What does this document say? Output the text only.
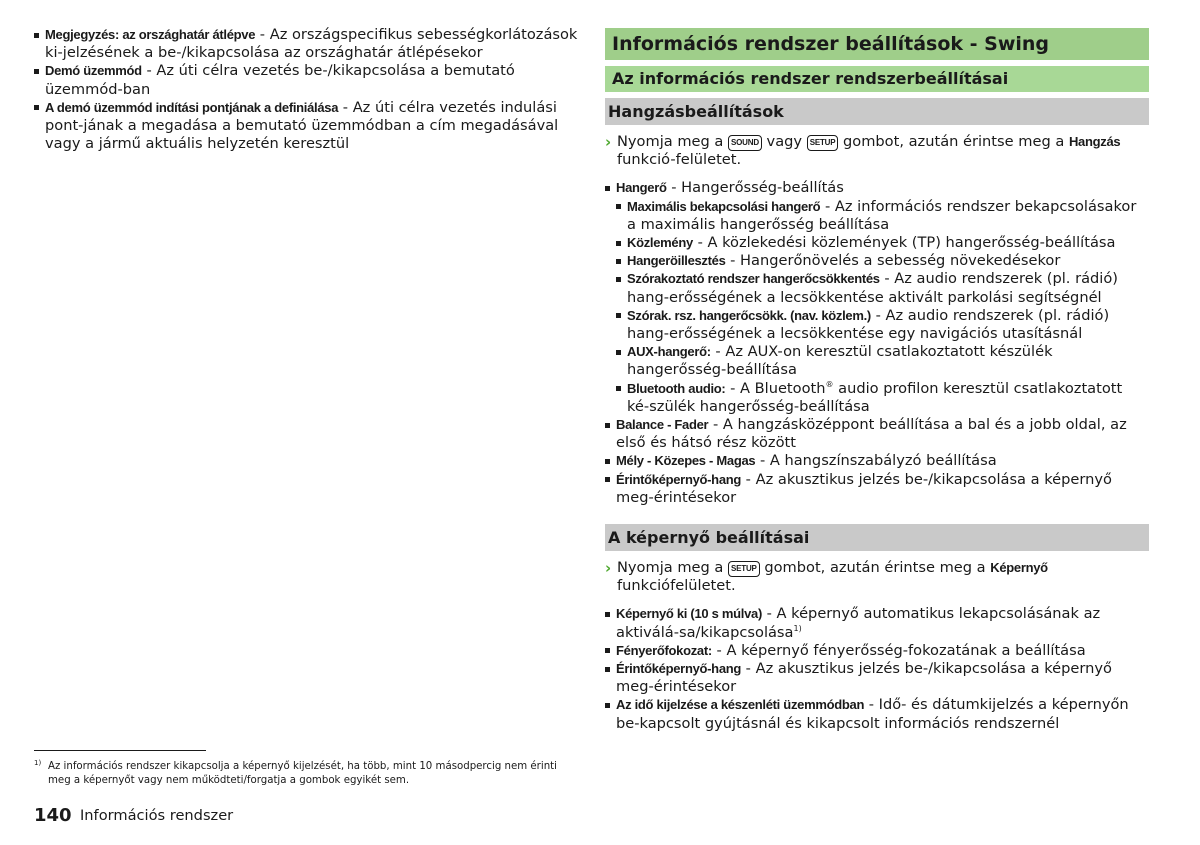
Megjegyzés: az országhatár átlépve - Az országspecifikus sebességkorlátozások ki-jelzésének a be-/kikapcsolása az országhatár átlépésekor

Demó üzemmód - Az úti célra vezetés be-/kikapcsolása a bemutató üzemmód-ban

A demó üzemmód indítási pontjának a definiálása - Az úti célra vezetés indulási pont-jának a megadása a bemutató üzemmódban a cím megadásával vagy a jármű aktuális helyzetén keresztül

Információs rendszer beállítások - Swing
Az információs rendszer rendszerbeállításai
Hangzásbeállítások

› Nyomja meg a SOUND vagy SETUP gombot, azután érintse meg a Hangzás funkció-felületet.

Hangerő - Hangerősség-beállítás

Maximális bekapcsolási hangerő - Az információs rendszer bekapcsolásakor a maximális hangerősség beállítása

Közlemény - A közlekedési közlemények (TP) hangerősség-beállítása

Hangeröillesztés - Hangerőnövelés a sebesség növekedésekor

Szórakoztató rendszer hangerőcsökkentés - Az audio rendszerek (pl. rádió) hang-erősségének a lecsökkentése aktivált parkolási segítségnél

Szórak. rsz. hangerőcsökk. (nav. közlem.) - Az audio rendszerek (pl. rádió) hang-erősségének a lecsökkentése egy navigációs utasításnál

AUX-hangerő: - Az AUX-on keresztül csatlakoztatott készülék hangerősség-beállítása

Bluetooth audio: - A Bluetooth® audio profilon keresztül csatlakoztatott ké-szülék hangerősség-beállítása

Balance - Fader - A hangzásközéppont beállítása a bal és a jobb oldal, az első és hátsó rész között

Mély - Közepes - Magas - A hangszínszabályzó beállítása

Érintőképernyő-hang - Az akusztikus jelzés be-/kikapcsolása a képernyő meg-érintésekor

A képernyő beállításai

› Nyomja meg a SETUP gombot, azután érintse meg a Képernyő funkciófelületet.

Képernyő ki (10 s múlva) - A képernyő automatikus lekapcsolásának az aktiválá-sa/kikapcsolása$^{1)}$

Fényerőfokozat: - A képernyő fényerősség-fokozatának a beállítása

Érintőképernyő-hang - Az akusztikus jelzés be-/kikapcsolása a képernyő meg-érintésekor

Az idő kijelzése a készenléti üzemmódban - Idő- és dátumkijelzés a képernyőn be-kapcsolt gyújtásnál és kikapcsolt információs rendszernél

1) Az információs rendszer kikapcsolja a képernyő kijelzését, ha több, mint 10 másodpercig nem érinti meg a képernyőt vagy nem működteti/forgatja a gombok egyikét sem.
140 Információs rendszer
